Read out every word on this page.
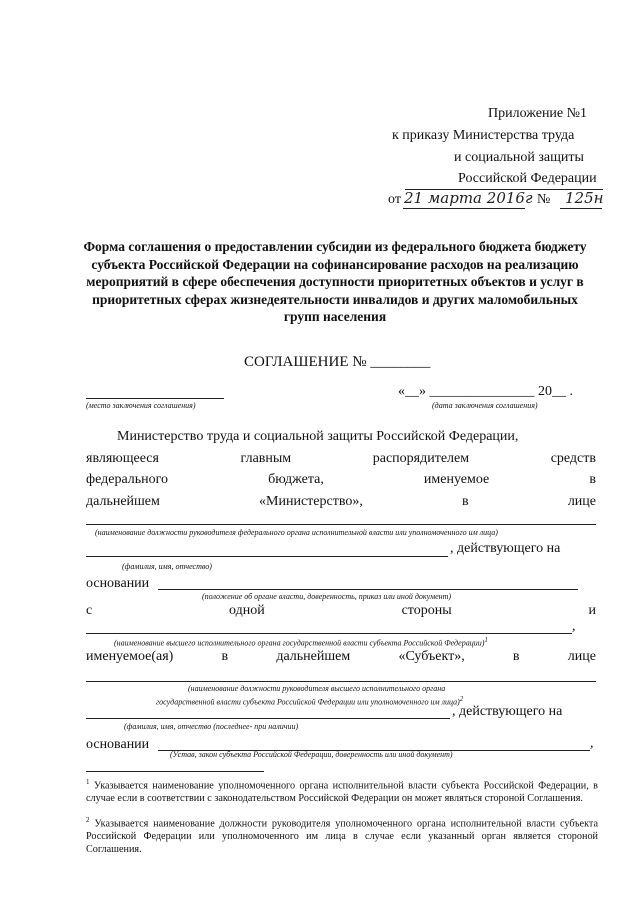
Приложение №1
к приказу Министерства труда
и социальной защиты
Российской Федерации
от 21 марта 2016г № 125н
Форма соглашения о предоставлении субсидии из федерального бюджета бюджету субъекта Российской Федерации на софинансирование расходов на реализацию мероприятий в сфере обеспечения доступности приоритетных объектов и услуг в приоритетных сферах жизнедеятельности инвалидов и других маломобильных групп населения
СОГЛАШЕНИЕ № ________
(место заключения соглашения)
«__» _______________ 20__ .
(дата заключения соглашения)
Министерство труда и социальной защиты Российской Федерации,
являющееся	главным	распорядителем	средств
федерального	бюджета,	именуемое	в
дальнейшем	«Министерство»,	в	лице
(наименование должности руководителя федерального органа исполнительной власти или уполномоченного им лица)
, действующего на
(фамилия, имя, отчество)
основании
(положение об органе власти, доверенность, приказ или иной документ)
с	одной	стороны	и
,
(наименование высшего исполнительного органа государственной власти субъекта Российской Федерации)$^1$
именуемое(ая)	в	дальнейшем	«Субъект»,	в	лице
(наименование должности руководителя высшего исполнительного органа
государственной власти субъекта Российской Федерации или уполномоченного им лица)$^2$
, действующего на
(фамилия, имя, отчество (последнее- при наличии)
основании	,
(Устав, закон субъекта Российской Федерации, доверенность или иной документ)
$^1$ Указывается наименование уполномоченного органа исполнительной власти субъекта Российской Федерации, в случае если в соответствии с законодательством Российской Федерации он может являться стороной Соглашения.
$^2$ Указывается наименование должности руководителя уполномоченного органа исполнительной власти субъекта Российской Федерации или уполномоченного им лица в случае если указанный орган является стороной Соглашения.
